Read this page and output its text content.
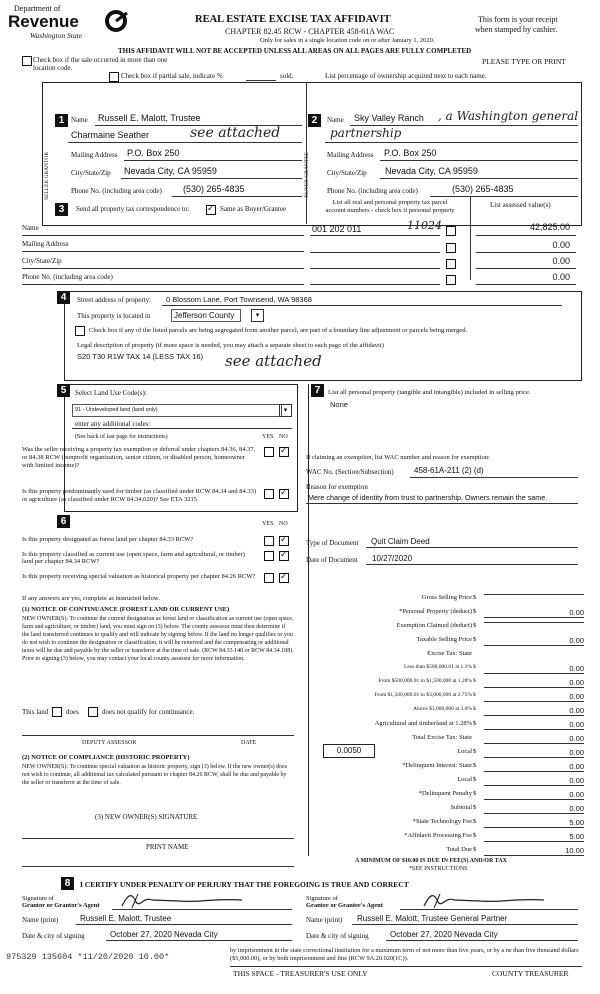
Department of
Revenue
Washington State
REAL ESTATE EXCISE TAX AFFIDAVIT
CHAPTER 82.45 RCW - CHAPTER 458-61A WAC
Only for sales in a single location code on or after January 1, 2020.
This form is your receipt
when stamped by cashier.
THIS AFFIDAVIT WILL NOT BE ACCEPTED UNLESS ALL AREAS ON ALL PAGES ARE FULLY COMPLETED
Check box if the sale occurred in more than one location code.
PLEASE TYPE OR PRINT
Check box if partial sale, indicate %	sold.	List percentage of ownership acquired next to each name.
1
SELLER GRANTOR
Name Russell E. Malott, Trustee
Charmaine Seather	see attached
Mailing Address P.O. Box 250
City/State/Zip Nevada City, CA 95959
Phone No. (including area code) (530) 265-4835
2
BUYER GRANTEE
Name Sky Valley Ranch , a Washington general
partnership
Mailing Address P.O. Box 250
City/State/Zip Nevada City, CA 95959
Phone No. (including area code)	(530) 265-4835
3	Send all property tax correspondence to:
✓	Same as Buyer/Grantee
List all real and personal property tax parcel
account numbers - check box if personal property
List assessed value(s)
Name
Mailing Address
City/State/Zip
Phone No. (including area code)
001 202 011	11024	42,825.00
0.00
0.00
0.00
4	Street address of property: 0 Blossom Lane, Port Townsend, WA 98368
This property is located in	Jefferson County	▾
Check box if any of the listed parcels are being segregated from another parcel, are part of a boundary line adjustment or parcels being merged.
Legal description of property (if more space is needed, you may attach a separate sheet to each page of the affidavit)
S20 T30 R1W TAX 14 (LESS TAX 16) see attached
5	Select Land Use Code(s):
91 - Undeveloped land (land only)	▾
enter any additional codes:
(See back of last page for instructions)	YES NO
Was the seller receiving a property tax exemption or deferral under chapters 84.36, 84.37, or 84.38 RCW (nonprofit organization, senior citizen, or disabled person, homeowner with limited income)?
✓
Is this property predominantly used for timber (as classified under RCW 84.34 and 84.33) or agriculture (as classified under RCW 84.34.020)? See ETA 3215
✓
6	YES NO
Is this property designated as forest land per chapter 84.33 RCW?
✓
Is this property classified as current use (open space, farm and agricultural, or timber) land per chapter 84.34 RCW?
✓
Is this property receiving special valuation as historical property per chapter 84.26 RCW?
✓
If any answers are yes, complete as instructed below.
(1) NOTICE OF CONTINUANCE (FOREST LAND OR CURRENT USE)
NEW OWNER(S): To continue the current designation as forest land or classification as current use (open space, farm and agriculture, or timber) land, you must sign on (3) below. The county assessor must then determine if the land transferred continues to qualify and will indicate by signing below. If the land no longer qualifies or you do not wish to continue the designation or classification, it will be removed and the compensating or additional taxes will be due and payable by the seller or transferor at the time of sale. (RCW 84.33.140 or RCW 84.34.108). Prior to signing (3) below, you may contact your local county assessor for more information.
This land	does	does not qualify for continuance.
DEPUTY ASSESSOR	DATE
(2) NOTICE OF COMPLIANCE (HISTORIC PROPERTY)
NEW OWNER(S): To continue special valuation as historic property, sign (3) below. If the new owner(s) does not wish to continue, all additional tax calculated pursuant to chapter 84.26 RCW, shall be due and payable by the seller or transferor at the time of sale.
(3) NEW OWNER(S) SIGNATURE
PRINT NAME
7	List all personal property (tangible and intangible) included in selling price.
None
If claiming an exemption, list WAC number and reason for exemption:
WAC No. (Section/Subsection)	458-61A-211 (2) (d)
Reason for exemption
Mere change of identity from trust to partnership. Owners remain the same.
Type of Document Quit Claim Deed
Date of Document 10/27/2020
Gross Selling Price $
*Personal Property (deduct) $	0.00
Exemption Claimed (deduct) $
Taxable Selling Price $	0.00
Excise Tax: State
Less than $500,000.01 at 1.1% $	0.00
From $500,000.01 to $1,500,000 at 1.28% $	0.00
From $1,500,000.01 to $3,000,000 at 2.75% $	0.00
Above $3,000,000 at 3.0% $	0.00
Agricultural and timberland at 1.28% $	0.00
Total Excise Tax: State	0.00
Local $	0.00
*Delinquent Interest: State $	0.00
Local $	0.00
*Delinquent Penalty $	0.00
Subtotal $	0.00
*State Technology Fee $	5.00
*Affidavit Processing Fee $	5.00
Total Due $	10.00
0.0050
A MINIMUM OF $10.00 IS DUE IN FEE(S) AND/OR TAX
*SEE INSTRUCTIONS
8	I CERTIFY UNDER PENALTY OF PERJURY THAT THE FOREGOING IS TRUE AND CORRECT
Signature of
Grantor or Grantor's Agent
Signature of
Grantee or Grantee's Agent
Name (print)	Russell E. Malott, Trustee	Name (print) Russell E. Malott, Trustee General Partner
Date & city of signing	October 27, 2020 Nevada City	Date & city of signing	October 27, 2020 Nevada City
975329 135604 *11/20/2020 10.00*
by imprisonment in the state correctional institution for a maximum term of not more than five years, or by a ne than five thousand dollars ($5,000.00), or by both imprisonment and fine (RCW 9A.20.020(1C)).
THIS SPACE - TREASURER'S USE ONLY	COUNTY TREASURER
